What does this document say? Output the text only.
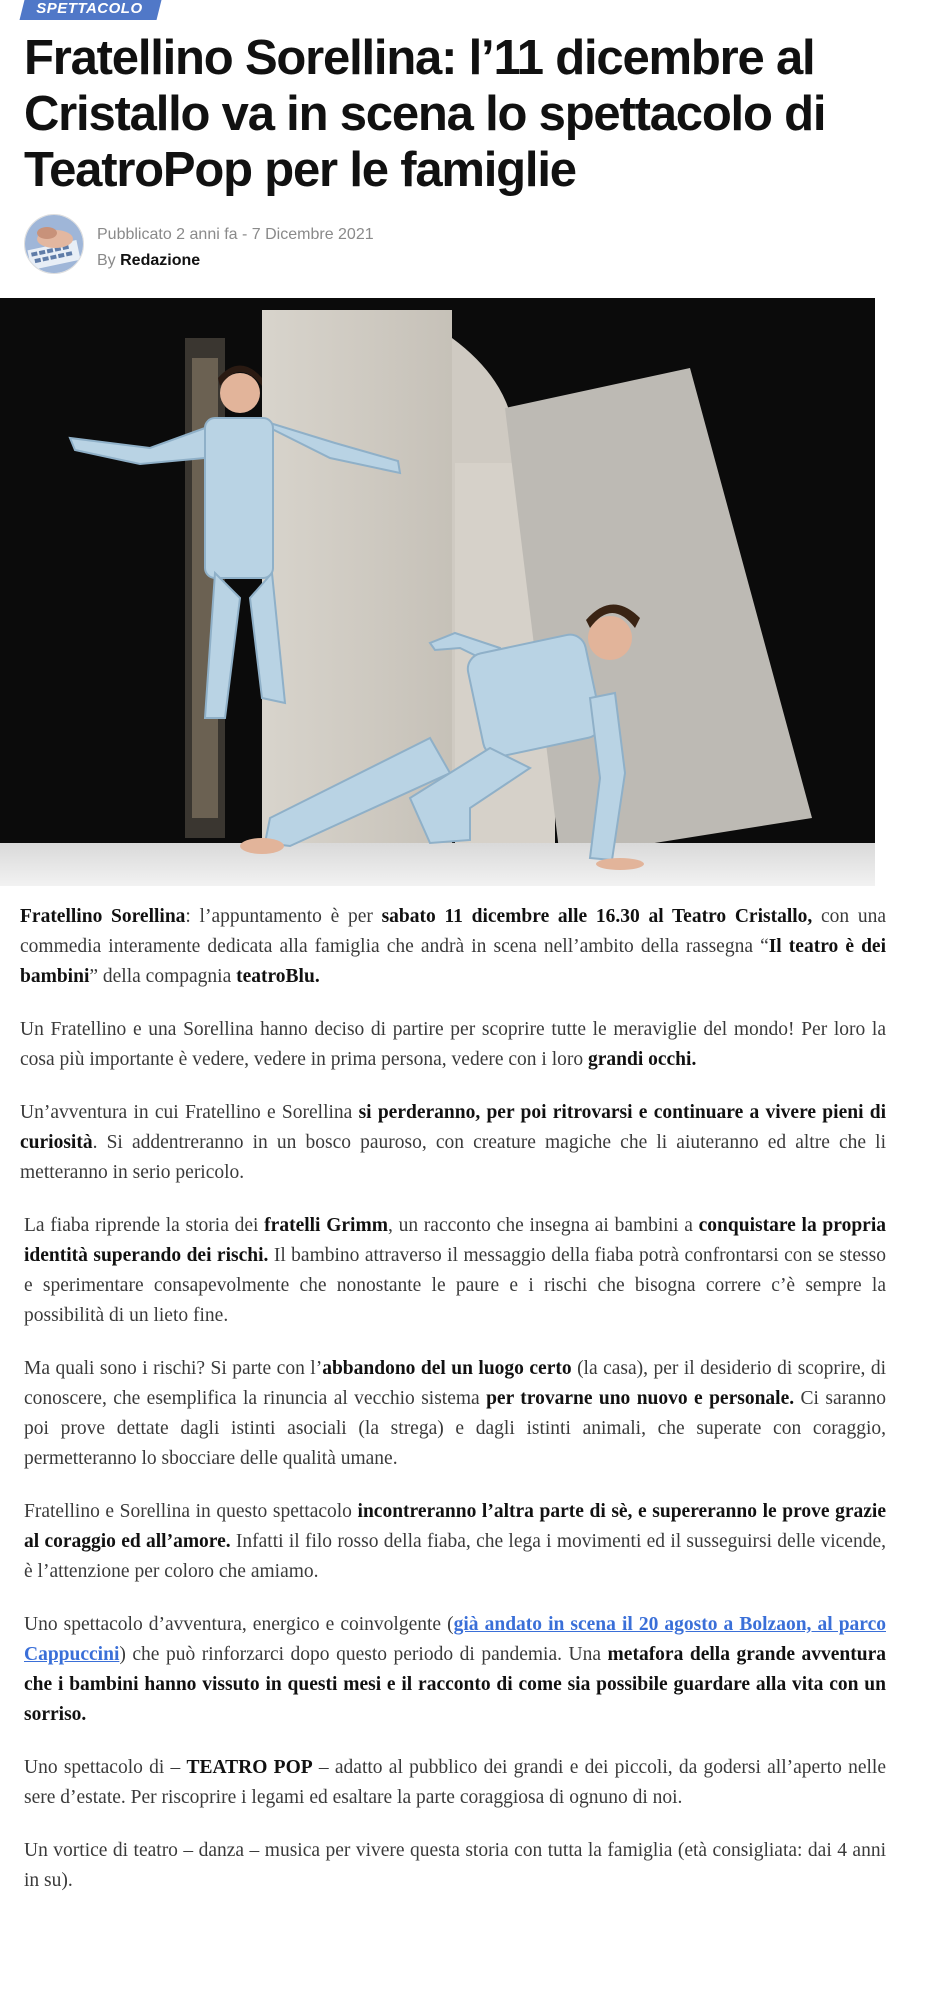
SPETTACOLO
Fratellino Sorellina: l’11 dicembre al Cristallo va in scena lo spettacolo di TeatroPop per le famiglie
Pubblicato 2 anni fa - 7 Dicembre 2021
By Redazione

Fratellino Sorellina: l’appuntamento è per sabato 11 dicembre alle 16.30 al Teatro Cristallo, con una commedia interamente dedicata alla famiglia che andrà in scena nell’ambito della rassegna “Il teatro è dei bambini” della compagnia teatroBlu.

Un Fratellino e una Sorellina hanno deciso di partire per scoprire tutte le meraviglie del mondo! Per loro la cosa più importante è vedere, vedere in prima persona, vedere con i loro grandi occhi.

Un’avventura in cui Fratellino e Sorellina si perderanno, per poi ritrovarsi e continuare a vivere pieni di curiosità. Si addentreranno in un bosco pauroso, con creature magiche che li aiuteranno ed altre che li metteranno in serio pericolo.

La fiaba riprende la storia dei fratelli Grimm, un racconto che insegna ai bambini a conquistare la propria identità superando dei rischi. Il bambino attraverso il messaggio della fiaba potrà confrontarsi con se stesso e sperimentare consapevolmente che nonostante le paure e i rischi che bisogna correre c’è sempre la possibilità di un lieto fine.

Ma quali sono i rischi? Si parte con l’abbandono del un luogo certo (la casa), per il desiderio di scoprire, di conoscere, che esemplifica la rinuncia al vecchio sistema per trovarne uno nuovo e personale. Ci saranno poi prove dettate dagli istinti asociali (la strega) e dagli istinti animali, che superate con coraggio, permetteranno lo sbocciare delle qualità umane.

Fratellino e Sorellina in questo spettacolo incontreranno l’altra parte di sè, e supereranno le prove grazie al coraggio ed all’amore. Infatti il filo rosso della fiaba, che lega i movimenti ed il susseguirsi delle vicende, è l’attenzione per coloro che amiamo.

Uno spettacolo d’avventura, energico e coinvolgente (già andato in scena il 20 agosto a Bolzaon, al parco Cappuccini) che può rinforzarci dopo questo periodo di pandemia. Una metafora della grande avventura che i bambini hanno vissuto in questi mesi e il racconto di come sia possibile guardare alla vita con un sorriso.

Uno spettacolo di – TEATRO POP – adatto al pubblico dei grandi e dei piccoli, da godersi all’aperto nelle sere d’estate. Per riscoprire i legami ed esaltare la parte coraggiosa di ognuno di noi.

Un vortice di teatro – danza – musica per vivere questa storia con tutta la famiglia (età consigliata: dai 4 anni in su).
